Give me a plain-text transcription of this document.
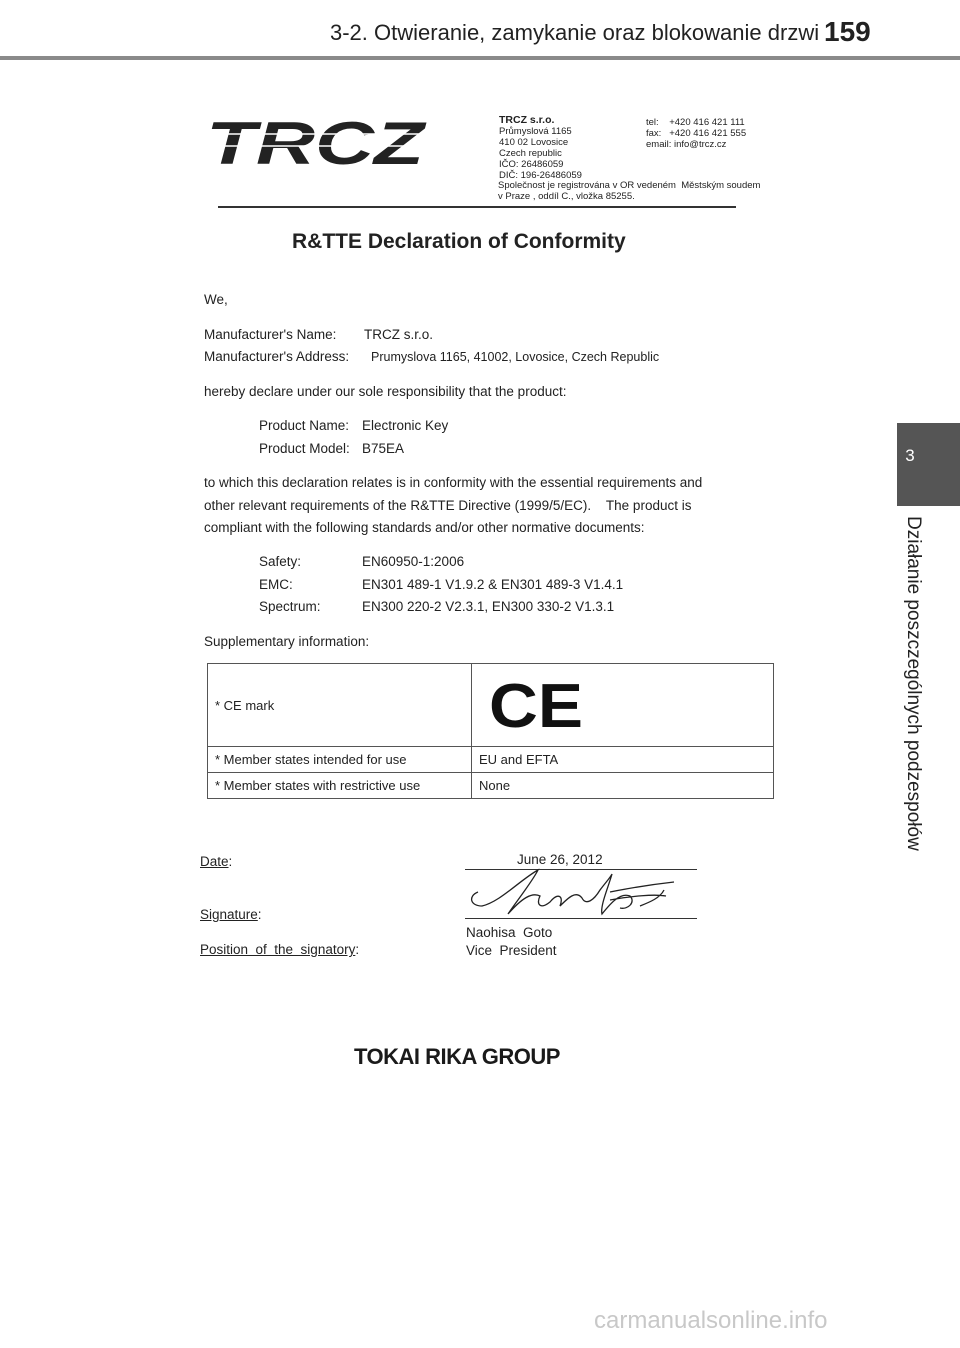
3-2. Otwieranie, zamykanie oraz blokowanie drzwi 159
3
Działanie poszczególnych podzespołów
TRCZ	TRCZ s.r.o.
Průmyslová 1165
410 02 Lovosice
Czech republic
IČO: 26486059
DIČ: 196-26486059
tel:    +420 416 421 111
fax:   +420 416 421 555
email: info@trcz.cz
Společnost je registrována v OR vedeném  Městským soudem
v Praze , oddíl C., vložka 85255.
R&TTE Declaration of Conformity
We,
Manufacturer's Name: TRCZ s.r.o.
Manufacturer's Address: Prumyslova 1165, 41002, Lovosice, Czech Republic
hereby declare under our sole responsibility that the product:
Product Name: Electronic Key
Product Model: B75EA
to which this declaration relates is in conformity with the essential requirements and
other relevant requirements of the R&TTE Directive (1999/5/EC).    The product is
compliant with the following standards and/or other normative documents:
Safety:	EN60950-1:2006
EMC:	EN301 489-1 V1.9.2 & EN301 489-3 V1.4.1
Spectrum:	EN300 220-2 V2.3.1, EN300 330-2 V1.3.1
Supplementary information:
* CE mark	CE

* Member states intended for use	EU and EFTA
* Member states with restrictive use	None
Date:	June 26, 2012
Signature:
Naohisa  Goto
Position  of  the  signatory:	Vice  President
TOKAI RIKA GROUP
carmanualsonline.info
